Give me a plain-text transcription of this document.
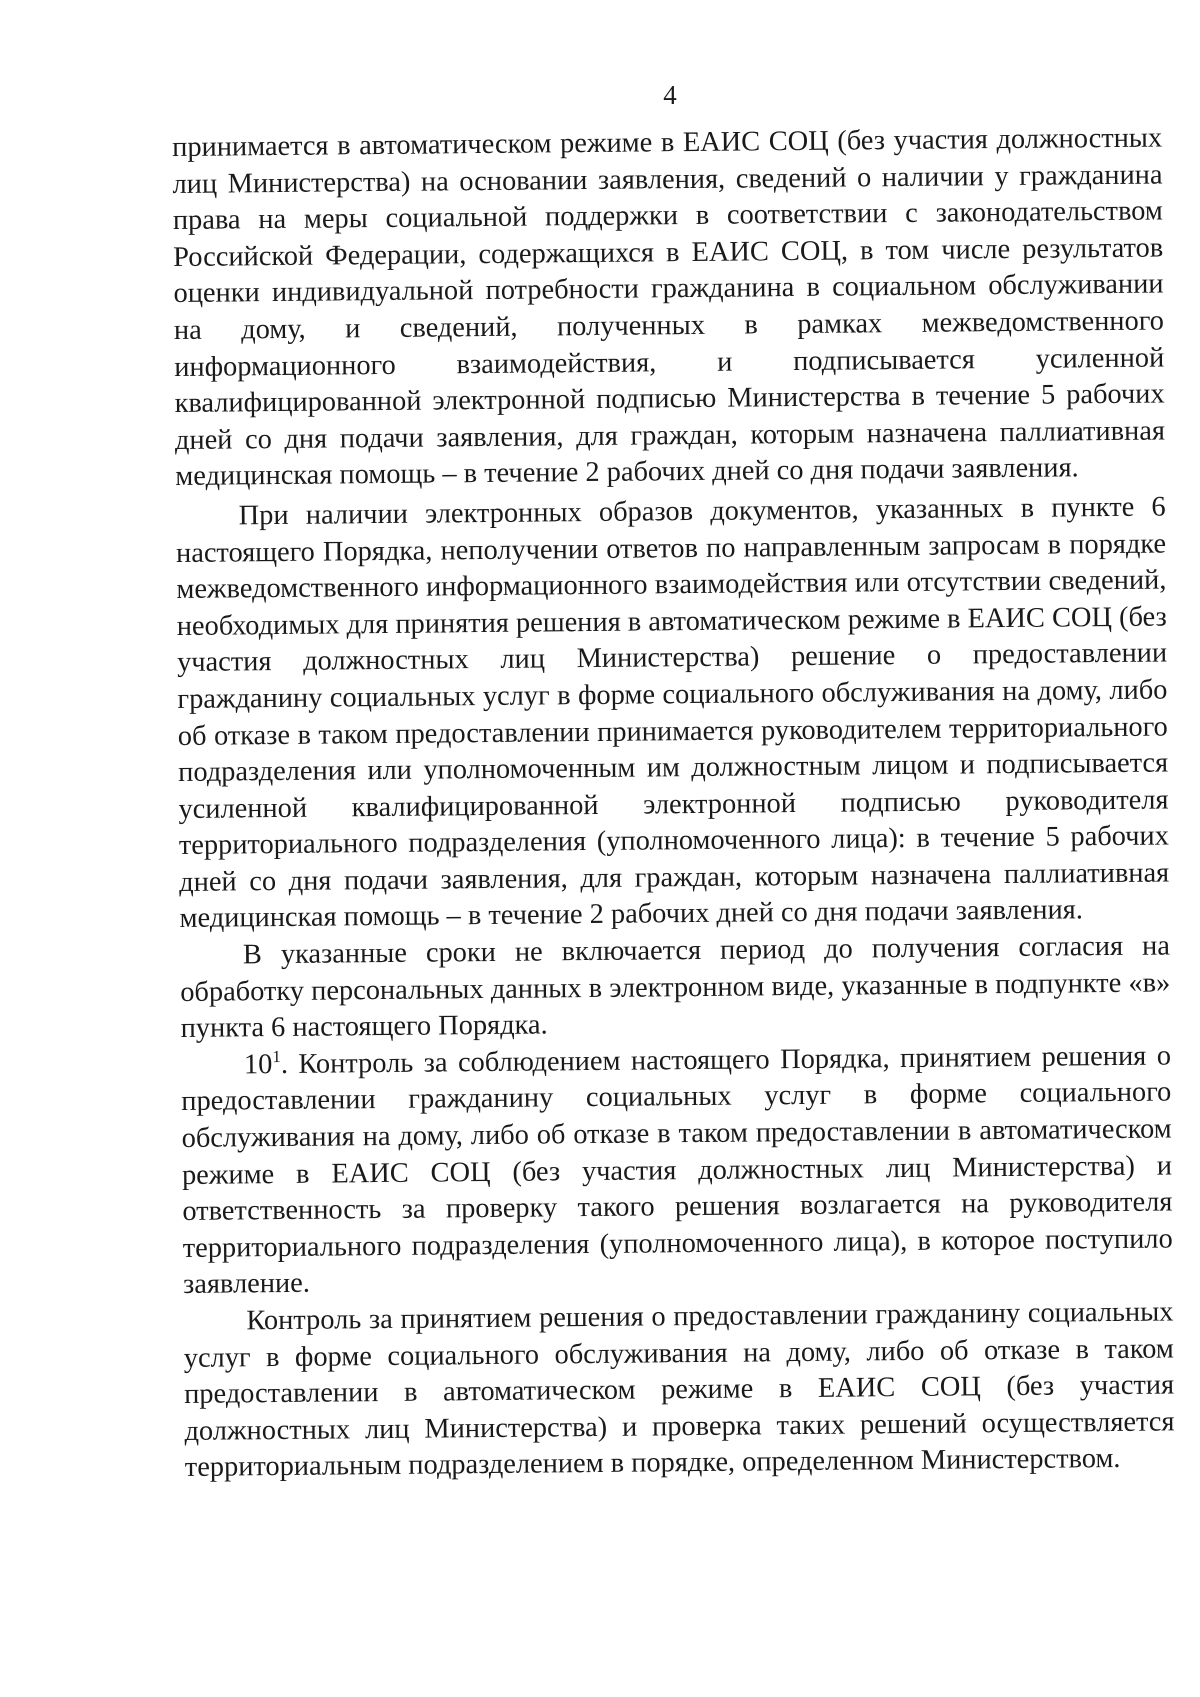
4

принимается в автоматическом режиме в ЕАИС СОЦ (без участия должностных лиц Министерства) на основании заявления, сведений о наличии у гражданина права на меры социальной поддержки в соответствии с законодательством Российской Федерации, содержащихся в ЕАИС СОЦ, в том числе результатов оценки индивидуальной потребности гражданина в социальном обслуживании на дому, и сведений, полученных в рамках межведомственного информационного взаимодействия, и подписывается усиленной квалифицированной электронной подписью Министерства в течение 5 рабочих дней со дня подачи заявления, для граждан, которым назначена паллиативная медицинская помощь – в течение 2 рабочих дней со дня подачи заявления.

При наличии электронных образов документов, указанных в пункте 6 настоящего Порядка, неполучении ответов по направленным запросам в порядке межведомственного информационного взаимодействия или отсутствии сведений, необходимых для принятия решения в автоматическом режиме в ЕАИС СОЦ (без участия должностных лиц Министерства) решение о предоставлении гражданину социальных услуг в форме социального обслуживания на дому, либо об отказе в таком предоставлении принимается руководителем территориального подразделения или уполномоченным им должностным лицом и подписывается усиленной квалифицированной электронной подписью руководителя территориального подразделения (уполномоченного лица): в течение 5 рабочих дней со дня подачи заявления, для граждан, которым назначена паллиативная медицинская помощь – в течение 2 рабочих дней со дня подачи заявления.

В указанные сроки не включается период до получения согласия на обработку персональных данных в электронном виде, указанные в подпункте «в» пункта 6 настоящего Порядка.

$10^1$. Контроль за соблюдением настоящего Порядка, принятием решения о предоставлении гражданину социальных услуг в форме социального обслуживания на дому, либо об отказе в таком предоставлении в автоматическом режиме в ЕАИС СОЦ (без участия должностных лиц Министерства) и ответственность за проверку такого решения возлагается на руководителя территориального подразделения (уполномоченного лица), в которое поступило заявление.

Контроль за принятием решения о предоставлении гражданину социальных услуг в форме социального обслуживания на дому, либо об отказе в таком предоставлении в автоматическом режиме в ЕАИС СОЦ (без участия должностных лиц Министерства) и проверка таких решений осуществляется территориальным подразделением в порядке, определенном Министерством.
